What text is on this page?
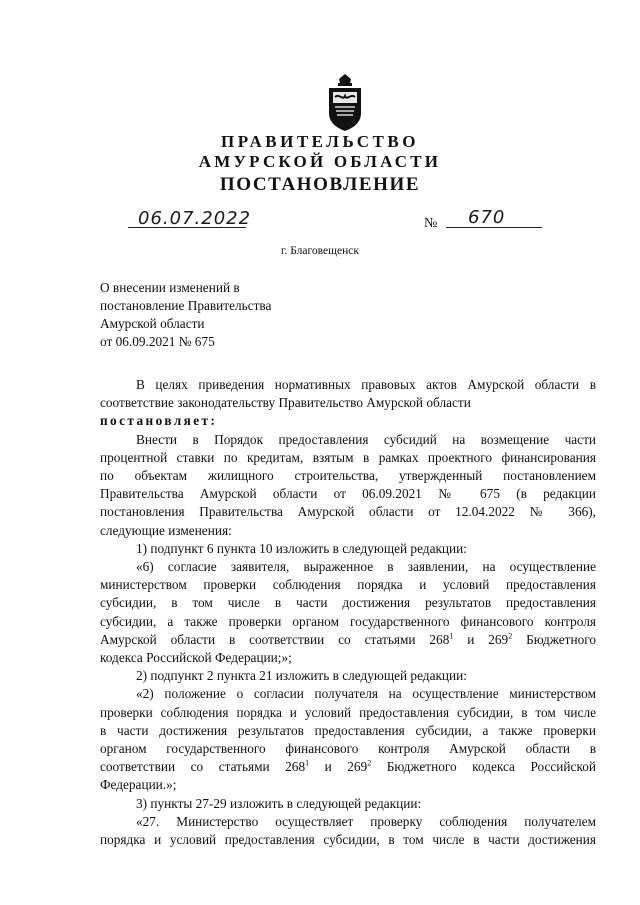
ПРАВИТЕЛЬСТВО
АМУРСКОЙ ОБЛАСТИ
ПОСТАНОВЛЕНИЕ
06.07.2022	№ 670
г. Благовещенск
О внесении изменений в
постановление Правительства
Амурской области
от 06.09.2021 № 675

В целях приведения нормативных правовых актов Амурской области в

соответствие законодательству Правительство Амурской области

постановляет:

Внести в Порядок предоставления субсидий на возмещение части

процентной ставки по кредитам, взятым в рамках проектного финансирования

по объектам жилищного строительства, утвержденный постановлением

Правительства Амурской области от 06.09.2021 № 675 (в редакции

постановления Правительства Амурской области от 12.04.2022 № 366),

следующие изменения:

1) подпункт 6 пункта 10 изложить в следующей редакции:

«6) согласие заявителя, выраженное в заявлении, на осуществление

министерством проверки соблюдения порядка и условий предоставления

субсидии, в том числе в части достижения результатов предоставления

субсидии, а также проверки органом государственного финансового контроля

Амурской области в соответствии со статьями $268^1$ и $269^2$ Бюджетного

кодекса Российской Федерации;»;

2) подпункт 2 пункта 21 изложить в следующей редакции:

«2) положение о согласии получателя на осуществление министерством

проверки соблюдения порядка и условий предоставления субсидии, в том числе

в части достижения результатов предоставления субсидии, а также проверки

органом государственного финансового контроля Амурской области в

соответствии со статьями $268^1$ и $269^2$ Бюджетного кодекса Российской

Федерации.»;

3) пункты 27-29 изложить в следующей редакции:

«27. Министерство осуществляет проверку соблюдения получателем

порядка и условий предоставления субсидии, в том числе в части достижения
